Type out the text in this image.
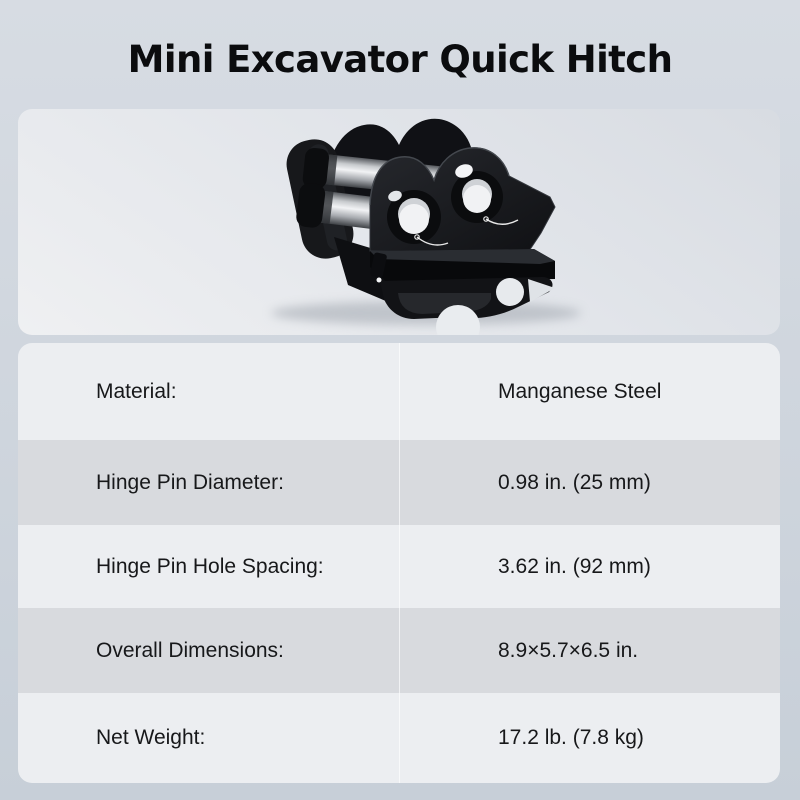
Mini Excavator Quick Hitch
Material:	Manganese Steel
Hinge Pin Diameter:	0.98 in. (25 mm)
Hinge Pin Hole Spacing:	3.62 in. (92 mm)
Overall Dimensions:	8.9×5.7×6.5 in.
Net Weight:	17.2 lb. (7.8 kg)
